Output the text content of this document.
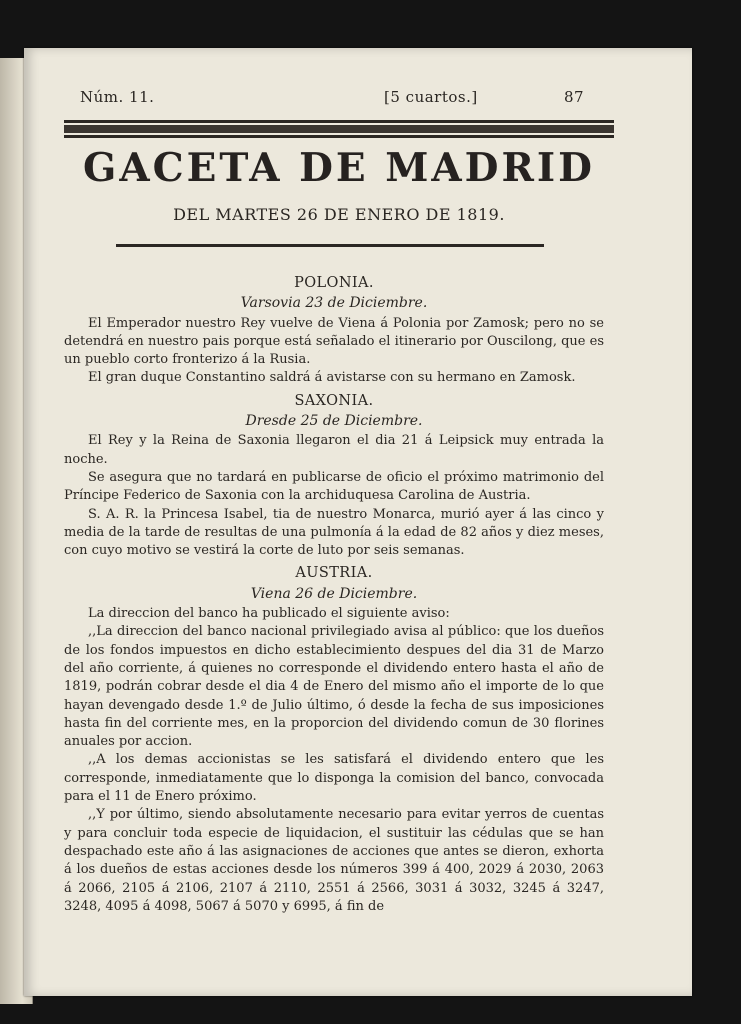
Núm. 11.	[5 cuartos.]	87
GACETA DE MADRID
DEL MARTES 26 DE ENERO DE 1819.
POLONIA.
Varsovia 23 de Diciembre.

El Emperador nuestro Rey vuelve de Viena á Polonia por Zamosk; pero no se detendrá en nuestro pais porque está señalado el itinerario por Ouscilong, que es un pueblo corto fronterizo á la Rusia.

El gran duque Constantino saldrá á avistarse con su hermano en Zamosk.

SAXONIA.
Dresde 25 de Diciembre.

El Rey y la Reina de Saxonia llegaron el dia 21 á Leipsick muy entrada la noche.

Se asegura que no tardará en publicarse de oficio el próximo matrimonio del Príncipe Federico de Saxonia con la archiduquesa Carolina de Austria.

S. A. R. la Princesa Isabel, tia de nuestro Monarca, murió ayer á las cinco y media de la tarde de resultas de una pulmonía á la edad de 82 años y diez meses, con cuyo motivo se vestirá la corte de luto por seis semanas.

AUSTRIA.
Viena 26 de Diciembre.

La direccion del banco ha publicado el siguiente aviso:

,,La direccion del banco nacional privilegiado avisa al público: que los dueños de los fondos impuestos en dicho establecimiento despues del dia 31 de Marzo del año corriente, á quienes no corresponde el dividendo entero hasta el año de 1819, podrán cobrar desde el dia 4 de Enero del mismo año el importe de lo que hayan devengado desde 1.º de Julio último, ó desde la fecha de sus imposiciones hasta fin del corriente mes, en la proporcion del dividendo comun de 30 florines anuales por accion.

,,A los demas accionistas se les satisfará el dividendo entero que les corresponde, inmediatamente que lo disponga la comision del banco, convocada para el 11 de Enero próximo.

,,Y por último, siendo absolutamente necesario para evitar yerros de cuentas y para concluir toda especie de liquidacion, el sustituir las cédulas que se han despachado este año á las asignaciones de acciones que antes se dieron, exhorta á los dueños de estas acciones desde los números 399 á 400, 2029 á 2030, 2063 á 2066, 2105 á 2106, 2107 á 2110, 2551 á 2566, 3031 á 3032, 3245 á 3247, 3248, 4095 á 4098, 5067 á 5070 y 6995, á fin de
